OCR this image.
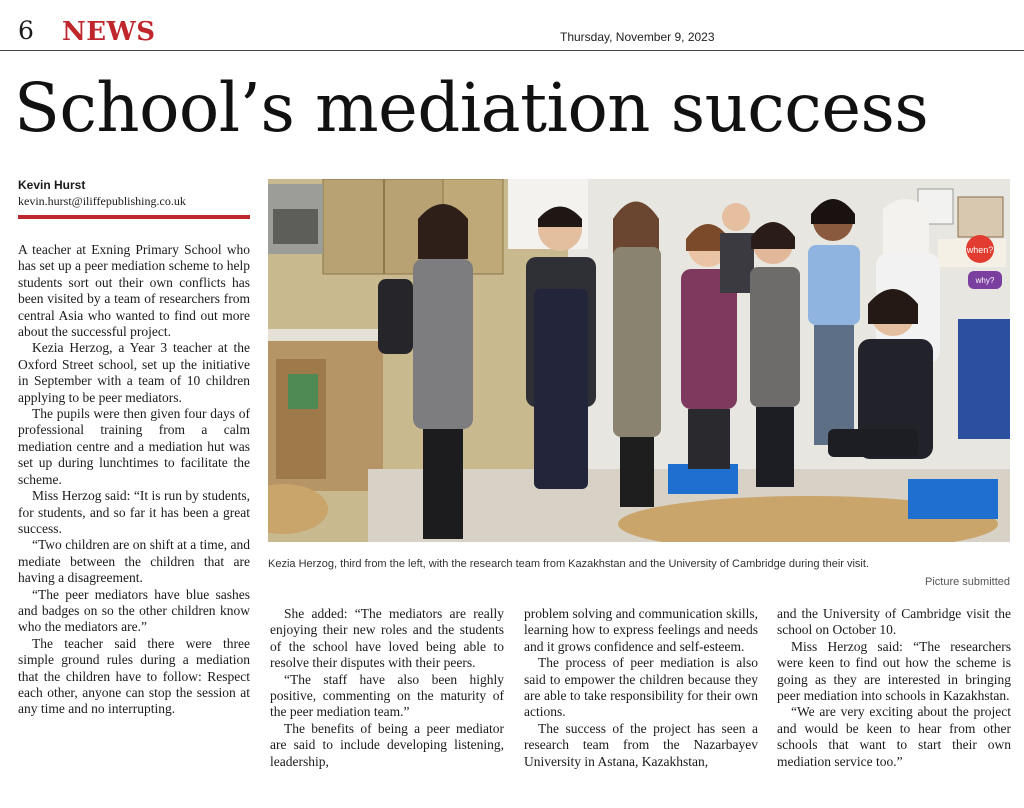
6 NEWS	Thursday, November 9, 2023
School’s mediation success
Kevin Hurst
kevin.hurst@iliffepublishing.co.uk

A teacher at Exning Primary School who has set up a peer mediation scheme to help students sort out their own conflicts has been visited by a team of researchers from central Asia who wanted to find out more about the successful project.

Kezia Herzog, a Year 3 teacher at the Oxford Street school, set up the initiative in September with a team of 10 children applying to be peer mediators.

The pupils were then given four days of professional training from a calm mediation centre and a mediation hut was set up during lunchtimes to facilitate the scheme.

Miss Herzog said: “It is run by students, for students, and so far it has been a great success.

“Two children are on shift at a time, and mediate between the children that are having a disagreement.

“The peer mediators have blue sashes and badges on so the other children know who the mediators are.”

The teacher said there were three simple ground rules during a mediation that the children have to follow: Respect each other, anyone can stop the session at any time and no interrupting.

when?
why?
Kezia Herzog, third from the left, with the research team from Kazakhstan and the University of Cambridge during their visit.
Picture submitted

She added: “The mediators are really enjoying their new roles and the students of the school have loved being able to resolve their disputes with their peers.

“The staff have also been highly positive, commenting on the maturity of the peer mediation team.”

The benefits of being a peer mediator are said to include developing listening, leadership,

problem solving and communication skills, learning how to express feelings and needs and it grows confidence and self-esteem.

The process of peer mediation is also said to empower the children because they are able to take responsibility for their own actions.

The success of the project has seen a research team from the Nazarbayev University in Astana, Kazakhstan,

and the University of Cambridge visit the school on October 10.

Miss Herzog said: “The researchers were keen to find out how the scheme is going as they are interested in bringing peer mediation into schools in Kazakhstan.

“We are very exciting about the project and would be keen to hear from other schools that want to start their own mediation service too.”
